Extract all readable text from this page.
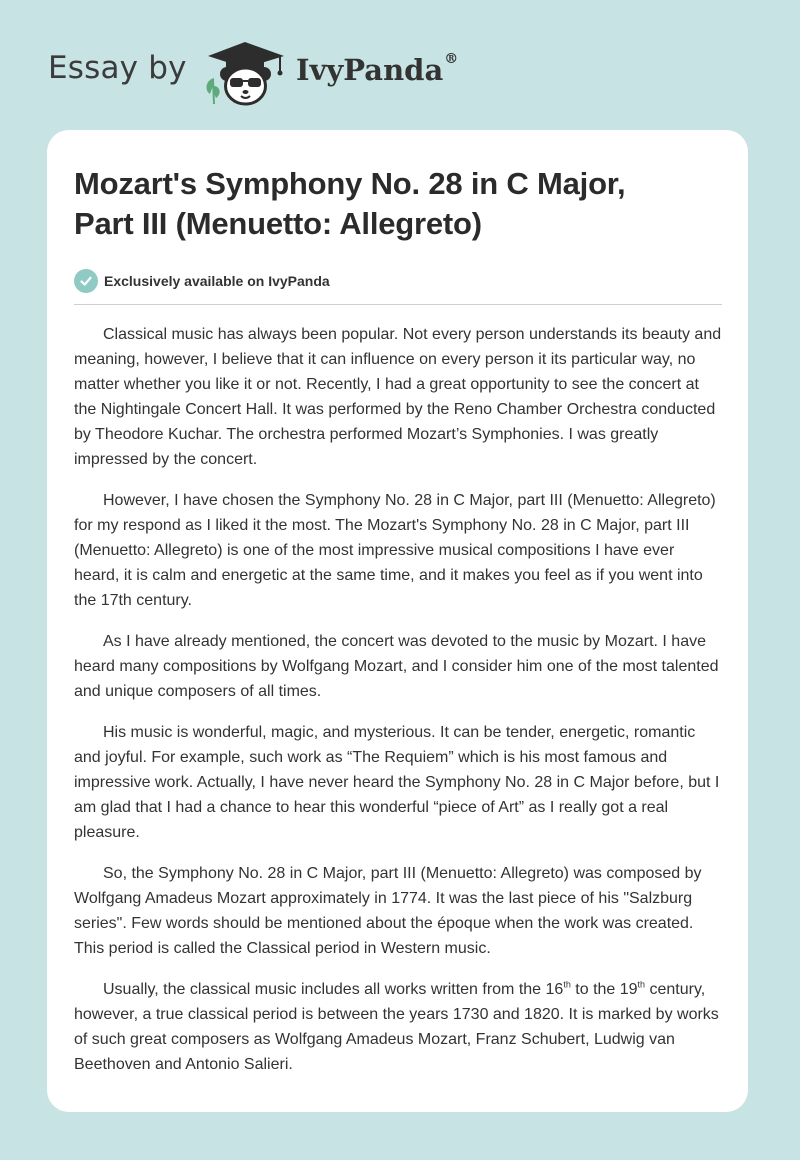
Essay by	IvyPanda®
Mozart's Symphony No. 28 in C Major,
Part III (Menuetto: Allegreto)
Exclusively available on IvyPanda

Classical music has always been popular. Not every person understands its beauty and meaning, however, I believe that it can influence on every person it its particular way, no matter whether you like it or not. Recently, I had a great opportunity to see the concert at the Nightingale Concert Hall. It was performed by the Reno Chamber Orchestra conducted by Theodore Kuchar. The orchestra performed Mozart’s Symphonies. I was greatly impressed by the concert.

However, I have chosen the Symphony No. 28 in C Major, part III (Menuetto: Allegreto) for my respond as I liked it the most. The Mozart's Symphony No. 28 in C Major, part III (Menuetto: Allegreto) is one of the most impressive musical compositions I have ever heard, it is calm and energetic at the same time, and it makes you feel as if you went into the 17th century.

As I have already mentioned, the concert was devoted to the music by Mozart. I have heard many compositions by Wolfgang Mozart, and I consider him one of the most talented and unique composers of all times.

His music is wonderful, magic, and mysterious. It can be tender, energetic, romantic and joyful. For example, such work as “The Requiem” which is his most famous and impressive work. Actually, I have never heard the Symphony No. 28 in C Major before, but I am glad that I had a chance to hear this wonderful “piece of Art” as I really got a real pleasure.

So, the Symphony No. 28 in C Major, part III (Menuetto: Allegreto) was composed by Wolfgang Amadeus Mozart approximately in 1774. It was the last piece of his "Salzburg series". Few words should be mentioned about the époque when the work was created. This period is called the Classical period in Western music.

Usually, the classical music includes all works written from the 16th to the 19th century, however, a true classical period is between the years 1730 and 1820. It is marked by works of such great composers as Wolfgang Amadeus Mozart, Franz Schubert, Ludwig van Beethoven and Antonio Salieri.
